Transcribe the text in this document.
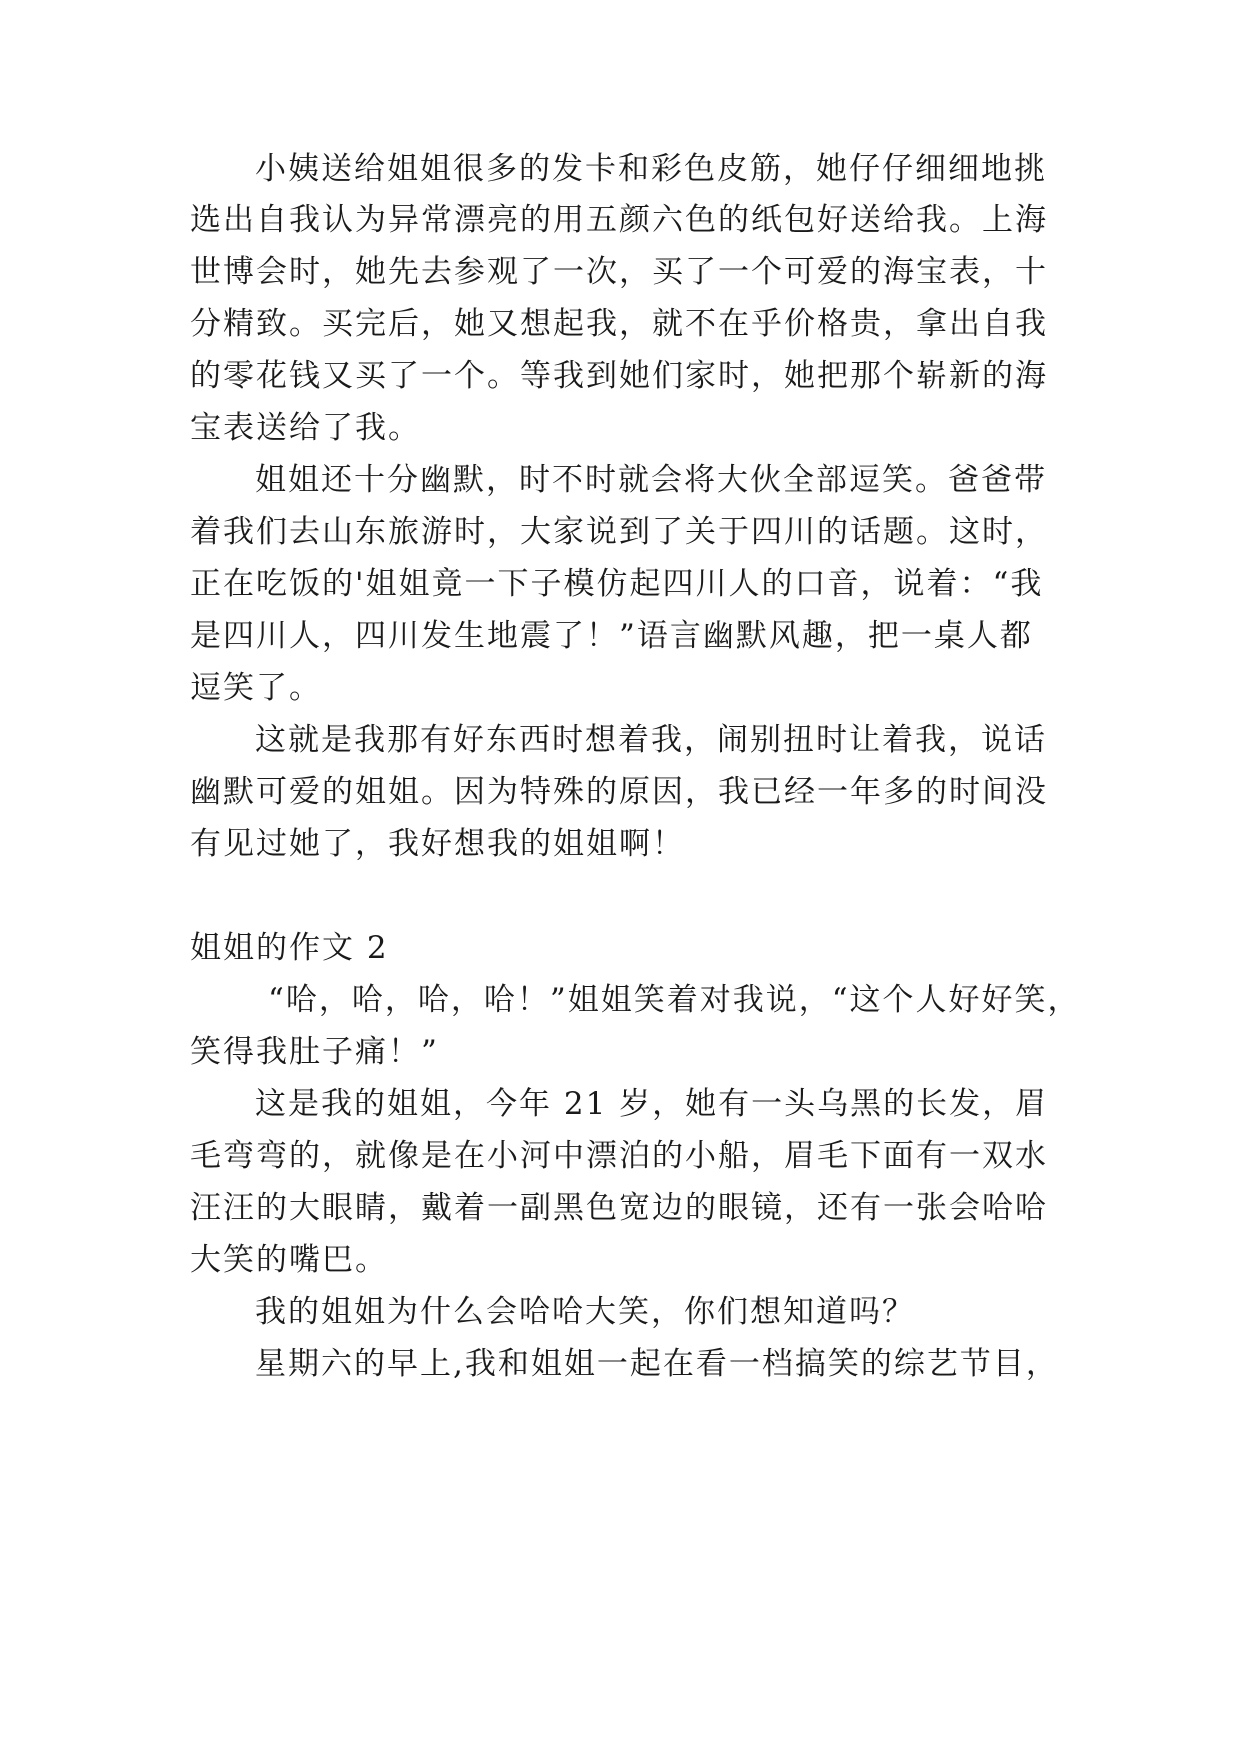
小姨送给姐姐很多的发卡和彩色皮筋，她仔仔细细地挑
选出自我认为异常漂亮的用五颜六色的纸包好送给我。上海
世博会时，她先去参观了一次，买了一个可爱的海宝表，十
分精致。买完后，她又想起我，就不在乎价格贵，拿出自我
的零花钱又买了一个。等我到她们家时，她把那个崭新的海
宝表送给了我。
姐姐还十分幽默，时不时就会将大伙全部逗笑。爸爸带
着我们去山东旅游时，大家说到了关于四川的话题。这时，
正在吃饭的'姐姐竟一下子模仿起四川人的口音，说着：“我
是四川人，四川发生地震了！”语言幽默风趣，把一桌人都
逗笑了。
这就是我那有好东西时想着我，闹别扭时让着我，说话
幽默可爱的姐姐。因为特殊的原因，我已经一年多的时间没
有见过她了，我好想我的姐姐啊！
姐姐的作文 2
“哈，哈，哈，哈！”姐姐笑着对我说，“这个人好好笑，
笑得我肚子痛！”
这是我的姐姐，今年 21 岁，她有一头乌黑的长发，眉
毛弯弯的，就像是在小河中漂泊的小船，眉毛下面有一双水
汪汪的大眼睛，戴着一副黑色宽边的眼镜，还有一张会哈哈
大笑的嘴巴。
我的姐姐为什么会哈哈大笑，你们想知道吗？
星期六的早上,我和姐姐一起在看一档搞笑的综艺节目，
